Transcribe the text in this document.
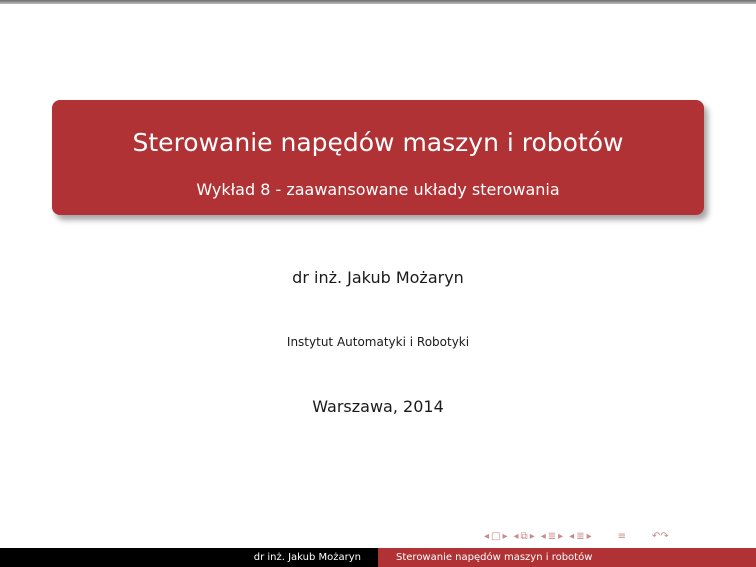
Sterowanie napędów maszyn i robotów
Wykład 8 - zaawansowane układy sterowania
dr inż. Jakub Możaryn
Instytut Automatyki i Robotyki
Warszawa, 2014
◂ □ ▸ ◂ ⧉ ▸ ◂ ≣ ▸ ◂ ≣ ▸	≡	↶↷
dr inż. Jakub Możaryn	Sterowanie napędów maszyn i robotów
